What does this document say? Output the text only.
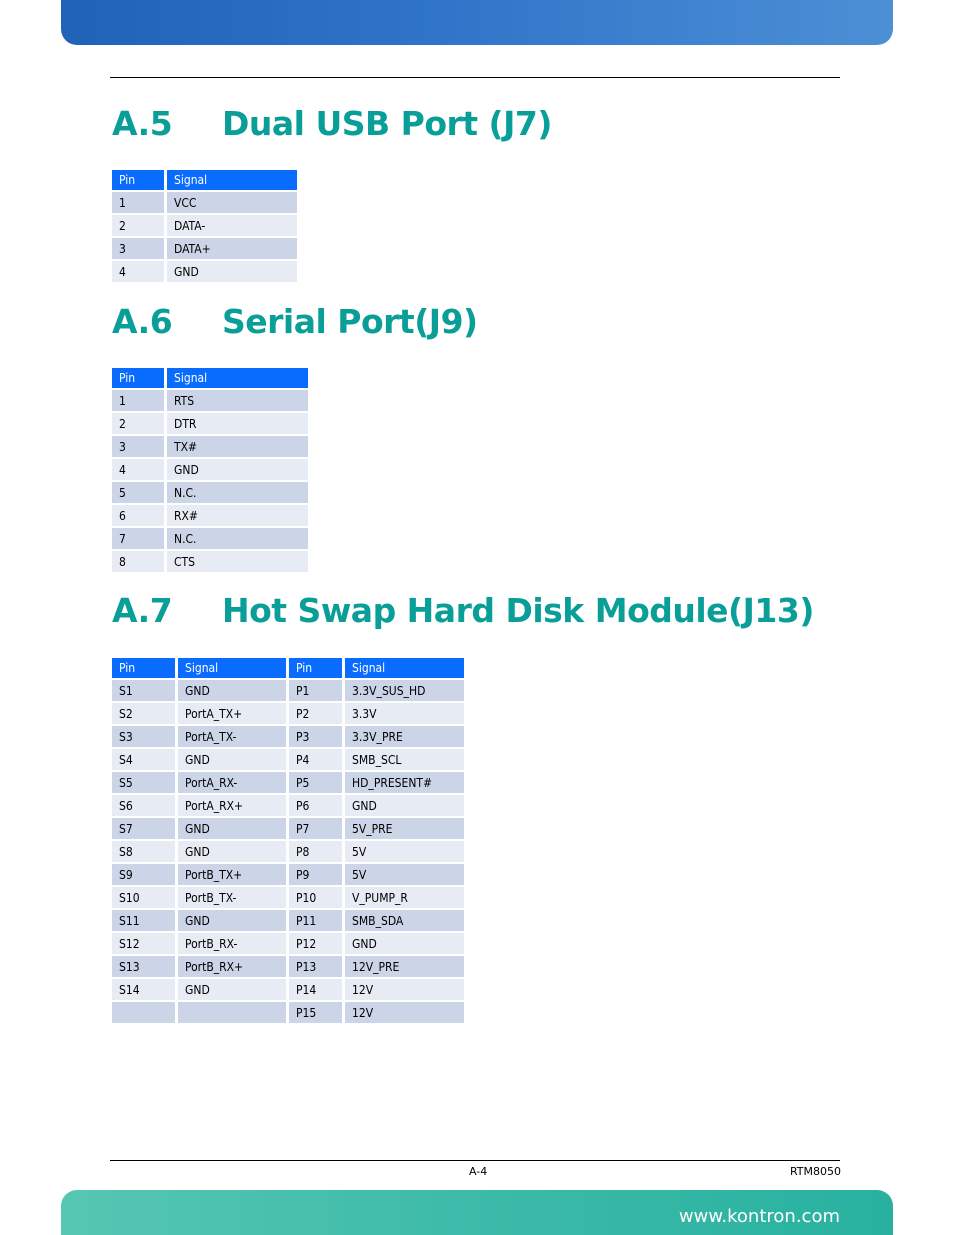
A.5 Dual USB Port (J7)
Pin	Signal
1	VCC
2	DATA-
3	DATA+
4	GND
A.6 Serial Port(J9)
Pin	Signal
1	RTS
2	DTR
3	TX#
4	GND
5	N.C.
6	RX#
7	N.C.
8	CTS
A.7 Hot Swap Hard Disk Module(J13)
Pin	Signal	Pin	Signal
S1	GND	P1	3.3V_SUS_HD
S2	PortA_TX+	P2	3.3V
S3	PortA_TX-	P3	3.3V_PRE
S4	GND	P4	SMB_SCL
S5	PortA_RX-	P5	HD_PRESENT#
S6	PortA_RX+	P6	GND
S7	GND	P7	5V_PRE
S8	GND	P8	5V
S9	PortB_TX+	P9	5V
S10	PortB_TX-	P10	V_PUMP_R
S11	GND	P11	SMB_SDA
S12	PortB_RX-	P12	GND
S13	PortB_RX+	P13	12V_PRE
S14	GND	P14	12V
		P15	12V
A-4	RTM8050
www.kontron.com
